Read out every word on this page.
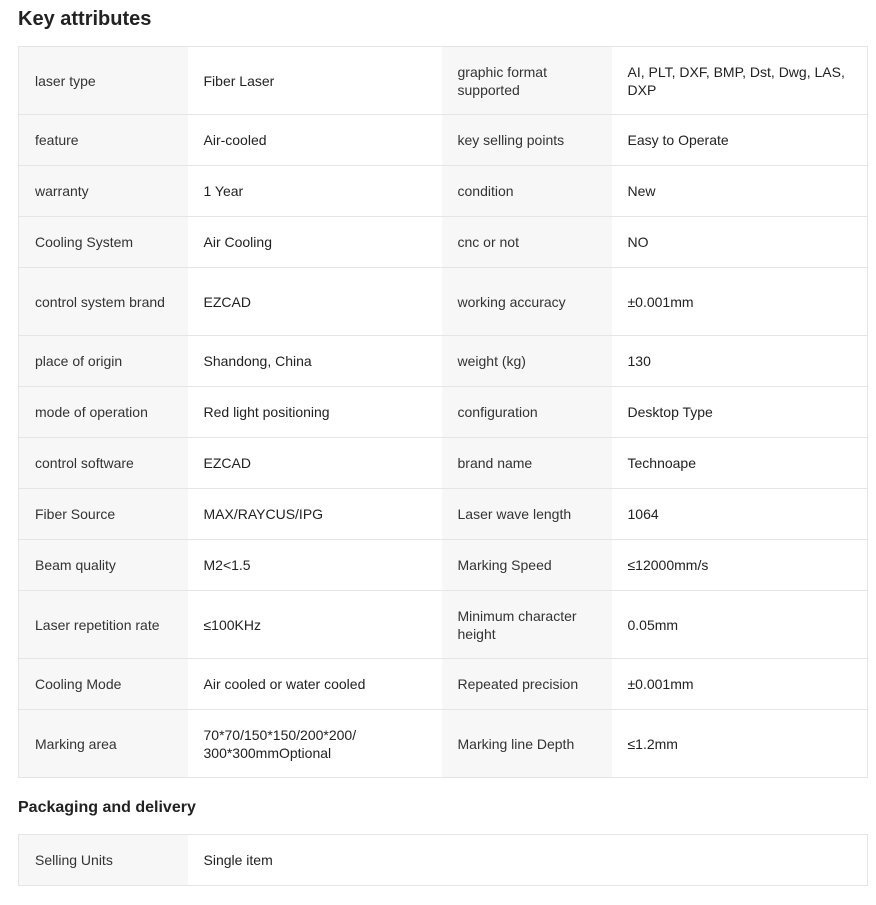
Key attributes
laser type	Fiber Laser	graphic format supported	AI, PLT, DXF, BMP, Dst, Dwg, LAS, DXP
feature	Air-cooled	key selling points	Easy to Operate
warranty	1 Year	condition	New
Cooling System	Air Cooling	cnc or not	NO
control system brand	EZCAD	working accuracy	±0.001mm
place of origin	Shandong, China	weight (kg)	130
mode of operation	Red light positioning	configuration	Desktop Type
control software	EZCAD	brand name	Technoape
Fiber Source	MAX/RAYCUS/IPG	Laser wave length	1064
Beam quality	M2<1.5	Marking Speed	≤12000mm/s
Laser repetition rate	≤100KHz	Minimum character height	0.05mm
Cooling Mode	Air cooled or water cooled	Repeated precision	±0.001mm
Marking area	70*70/150*150/200*200/ 300*300mmOptional	Marking line Depth	≤1.2mm
Packaging and delivery
Selling Units	Single item
